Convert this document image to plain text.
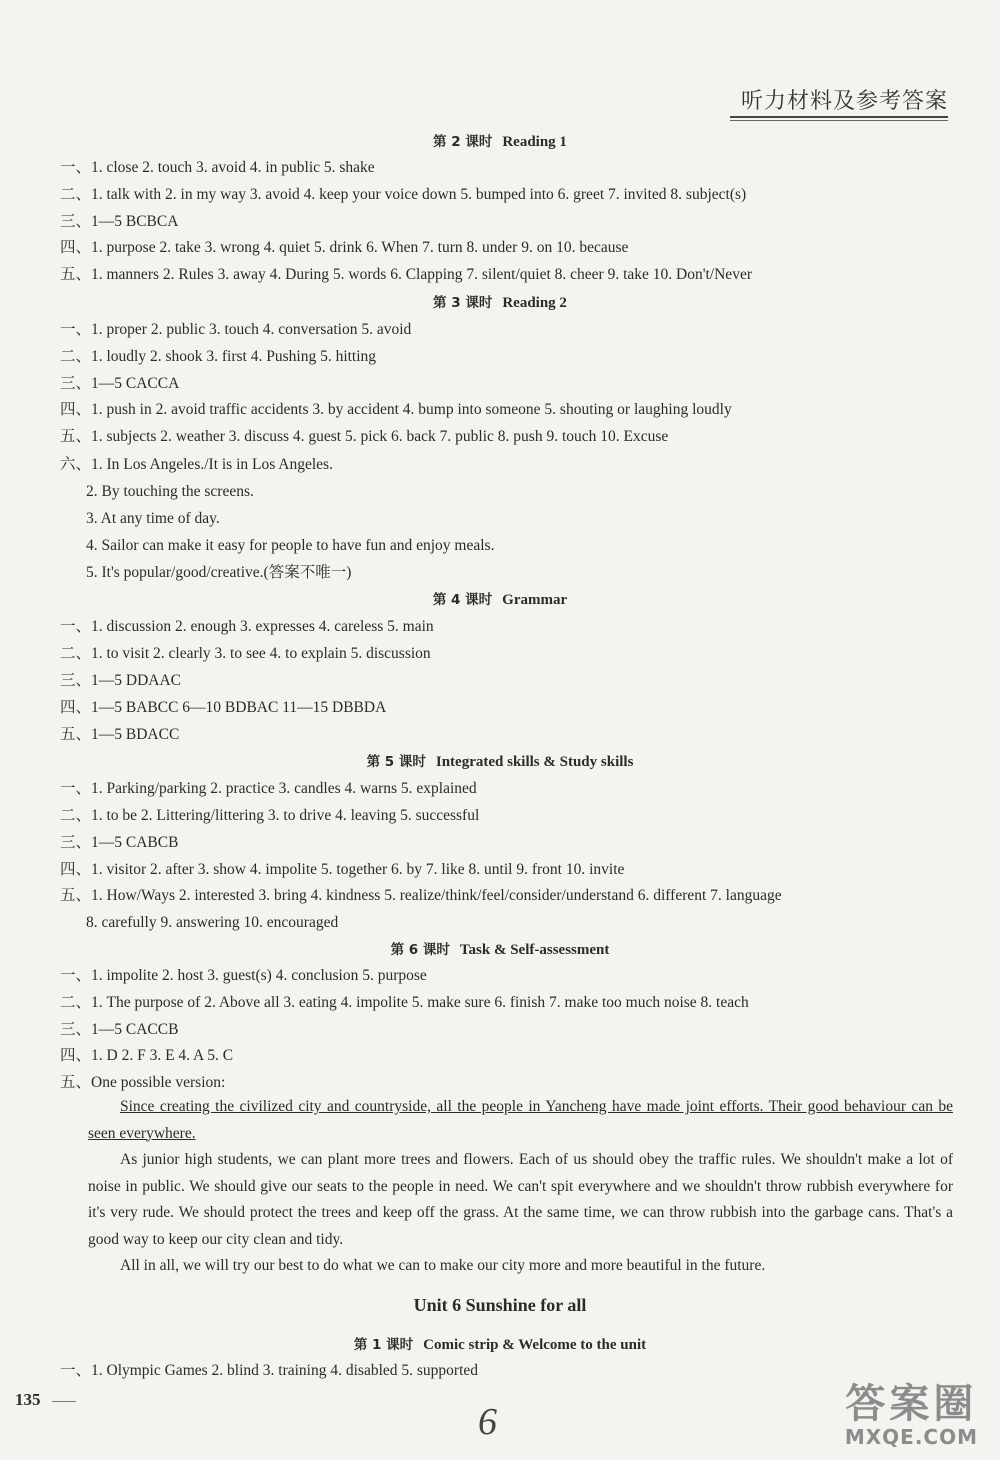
听力材料及参考答案
第 2 课时 Reading 1
一、1. close 2. touch 3. avoid 4. in public 5. shake
二、1. talk with 2. in my way 3. avoid 4. keep your voice down 5. bumped into 6. greet 7. invited 8. subject(s)
三、1—5 BCBCA
四、1. purpose 2. take 3. wrong 4. quiet 5. drink 6. When 7. turn 8. under 9. on 10. because
五、1. manners 2. Rules 3. away 4. During 5. words 6. Clapping 7. silent/quiet 8. cheer 9. take 10. Don't/Never
第 3 课时 Reading 2
一、1. proper 2. public 3. touch 4. conversation 5. avoid
二、1. loudly 2. shook 3. first 4. Pushing 5. hitting
三、1—5 CACCA
四、1. push in 2. avoid traffic accidents 3. by accident 4. bump into someone 5. shouting or laughing loudly
五、1. subjects 2. weather 3. discuss 4. guest 5. pick 6. back 7. public 8. push 9. touch 10. Excuse
六、1. In Los Angeles./It is in Los Angeles.
2. By touching the screens.
3. At any time of day.
4. Sailor can make it easy for people to have fun and enjoy meals.
5. It's popular/good/creative.(答案不唯一)
第 4 课时 Grammar
一、1. discussion 2. enough 3. expresses 4. careless 5. main
二、1. to visit 2. clearly 3. to see 4. to explain 5. discussion
三、1—5 DDAAC
四、1—5 BABCC 6—10 BDBAC 11—15 DBBDA
五、1—5 BDACC
第 5 课时 Integrated skills & Study skills
一、1. Parking/parking 2. practice 3. candles 4. warns 5. explained
二、1. to be 2. Littering/littering 3. to drive 4. leaving 5. successful
三、1—5 CABCB
四、1. visitor 2. after 3. show 4. impolite 5. together 6. by 7. like 8. until 9. front 10. invite
五、1. How/Ways 2. interested 3. bring 4. kindness 5. realize/think/feel/consider/understand 6. different 7. language
8. carefully 9. answering 10. encouraged
第 6 课时 Task & Self-assessment
一、1. impolite 2. host 3. guest(s) 4. conclusion 5. purpose
二、1. The purpose of 2. Above all 3. eating 4. impolite 5. make sure 6. finish 7. make too much noise 8. teach
三、1—5 CACCB
四、1. D 2. F 3. E 4. A 5. C
五、One possible version:
Since creating the civilized city and countryside, all the people in Yancheng have made joint efforts. Their good behaviour can be seen everywhere.
As junior high students, we can plant more trees and flowers. Each of us should obey the traffic rules. We shouldn't make a lot of noise in public. We should give our seats to the people in need. We can't spit everywhere and we shouldn't throw rubbish everywhere for it's very rude. We should protect the trees and keep off the grass. At the same time, we can throw rubbish into the garbage cans. That's a good way to keep our city clean and tidy.
All in all, we will try our best to do what we can to make our city more and more beautiful in the future.
Unit 6 Sunshine for all
第 1 课时 Comic strip & Welcome to the unit
一、1. Olympic Games 2. blind 3. training 4. disabled 5. supported
135
6	答案圈
MXQE.COM
